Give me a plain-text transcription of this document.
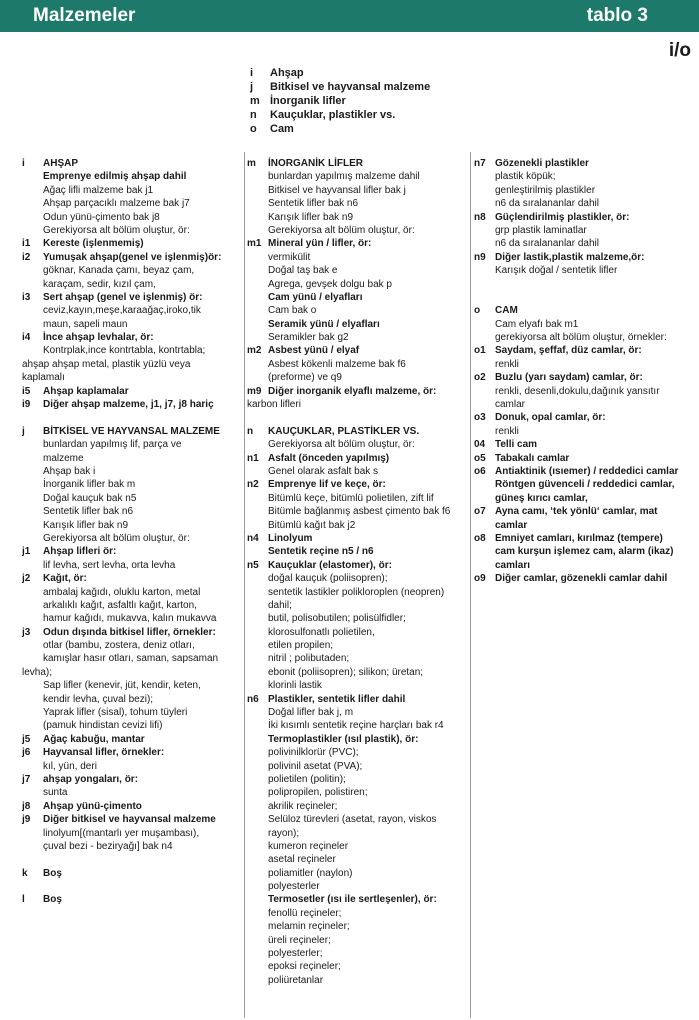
Malzemeler	tablo 3
i/o
i	Ahşap
j	Bitkisel ve hayvansal malzeme
m İnorganik lifler
n	Kauçuklar, plastikler vs.
o	Cam
i AHŞAP
Emprenye edilmiş ahşap dahil
Ağaç lifli malzeme bak j1
Ahşap parçacıklı malzeme bak j7
Odun yünü-çimento bak j8
Gerekiyorsa alt bölüm oluştur, ör:
i1 Kereste (işlenmemiş)
i2 Yumuşak ahşap(genel ve işlenmiş)ör:
göknar, Kanada çamı, beyaz çam,
karaçam, sedir, kızıl çam,
i3 Sert ahşap (genel ve işlenmiş) ör:
ceviz,kayın,meşe,karaağaç,iroko,tik
maun, sapeli maun
i4 İnce ahşap levhalar, ör:
Kontrplak,ince kontrtabla, kontrtabla;
ahşap ahşap metal, plastik yüzlü veya
kaplamalı
i5 Ahşap kaplamalar
i9 Diğer ahşap malzeme, j1, j7, j8 hariç
j BİTKİSEL VE HAYVANSAL MALZEME
bunlardan yapılmış lif, parça ve
malzeme
Ahşap bak i
İnorganik lifler bak m
Doğal kauçuk bak n5
Sentetik lifler bak n6
Karışık lifler bak n9
Gerekiyorsa alt bölüm oluştur, ör:
j1 Ahşap lifleri ör:
lif levha, sert levha, orta levha
j2 Kağıt, ör:
ambalaj kağıdı, oluklu karton, metal
arkalıklı kağıt, asfaltlı kağıt, karton,
hamur kağıdı, mukavva, kalın mukavva
j3 Odun dışında bitkisel lifler, örnekler:
otlar (bambu, zostera, deniz otları,
kamışlar hasır otları, saman, sapsaman
levha);
Sap lifler (kenevir, jüt, kendir, keten,
kendir levha, çuval bezi);
Yaprak lifler (sisal), tohum tüyleri
(pamuk hindistan cevizi lifi)
j5 Ağaç kabuğu, mantar
j6 Hayvansal lifler, örnekler:
kıl, yün, deri
j7 ahşap yongaları, ör:
sunta
j8 Ahşap yünü-çimento
j9 Diğer bitkisel ve hayvansal malzeme
linolyum[(mantarlı yer muşambası),
çuval bezi - beziryağı] bak n4
k Boş
l Boş
m İNORGANİK LİFLER
bunlardan yapılmış malzeme dahil
Bitkisel ve hayvansal lifler bak j
Sentetik lifler bak n6
Karışık lifler bak n9
Gerekiyorsa alt bölüm oluştur, ör:
m1 Mineral yün / lifler, ör:
vermikülit
Doğal taş bak e
Agrega, gevşek dolgu bak p
Cam yünü / elyafları
Cam bak o
Seramik yünü / elyafları
Seramikler bak g2
m2 Asbest yünü / elyaf
Asbest kökenli malzeme bak f6
(preforme) ve q9
m9 Diğer inorganik elyaflı malzeme, ör:
karbon lifleri
n KAUÇUKLAR, PLASTİKLER VS.
Gerekiyorsa alt bölüm oluştur, ör:
n1 Asfalt (önceden yapılmış)
Genel olarak asfalt bak s
n2 Emprenye lif ve keçe, ör:
Bitümlü keçe, bitümlü polietilen, zift lif
Bitümle bağlanmış asbest çimento bak f6
Bitümlü kağıt bak j2
n4 Linolyum
Sentetik reçine n5 / n6
n5 Kauçuklar (elastomer), ör:
doğal kauçuk (poliisopren);
sentetik lastikler polikloroplen (neopren)
dahil;
butil, polisobutilen; polisülfidler;
klorosulfonatlı polietilen,
etilen propilen;
nitril ; polibutaden;
ebonit (poliisopren); silikon; üretan;
klorinli lastik
n6 Plastikler, sentetik lifler dahil
Doğal lifler bak j, m
İki kısımlı sentetik reçine harçları bak r4
Termoplastikler (ısıl plastik), ör:
polivinilklorür (PVC);
polivinil asetat (PVA);
polietilen (politin);
polipropilen, polistiren;
akrilik reçineler;
Selüloz türevleri (asetat, rayon, viskos
rayon);
kumeron reçineler
asetal reçineler
poliamitler (naylon)
polyesterler
Termosetler (ısı ile sertleşenler), ör:
fenollü reçineler;
melamin reçineler;
üreli reçineler;
polyesterler;
epoksi reçineler;
poliüretanlar
n7 Gözenekli plastikler
plastik köpük;
genleştirilmiş plastikler
n6 da sıralananlar dahil
n8 Güçlendirilmiş plastikler, ör:
grp plastik laminatlar
n6 da sıralananlar dahil
n9 Diğer lastik,plastik malzeme,ör:
Karışık doğal / sentetik lifler
o CAM
Cam elyafı bak m1
gerekiyorsa alt bölüm oluştur, örnekler:
o1 Saydam, şeffaf, düz camlar, ör:
renkli
o2 Buzlu (yarı saydam) camlar, ör:
renkli, desenli,dokulu,dağınık yansıtır
camlar
o3 Donuk, opal camlar, ör:
renkli
04 Telli cam
o5 Tabakalı camlar
o6 Antiaktinik (ısıemer) / reddedici camlar
Röntgen güvenceli / reddedici camlar,
güneş kırıcı camlar,
o7 Ayna camı, ‘tek yönlü‘ camlar, mat
camlar
o8 Emniyet camları, kırılmaz (tempere)
cam kurşun işlemez cam, alarm (ikaz)
camları
o9 Diğer camlar, gözenekli camlar dahil
